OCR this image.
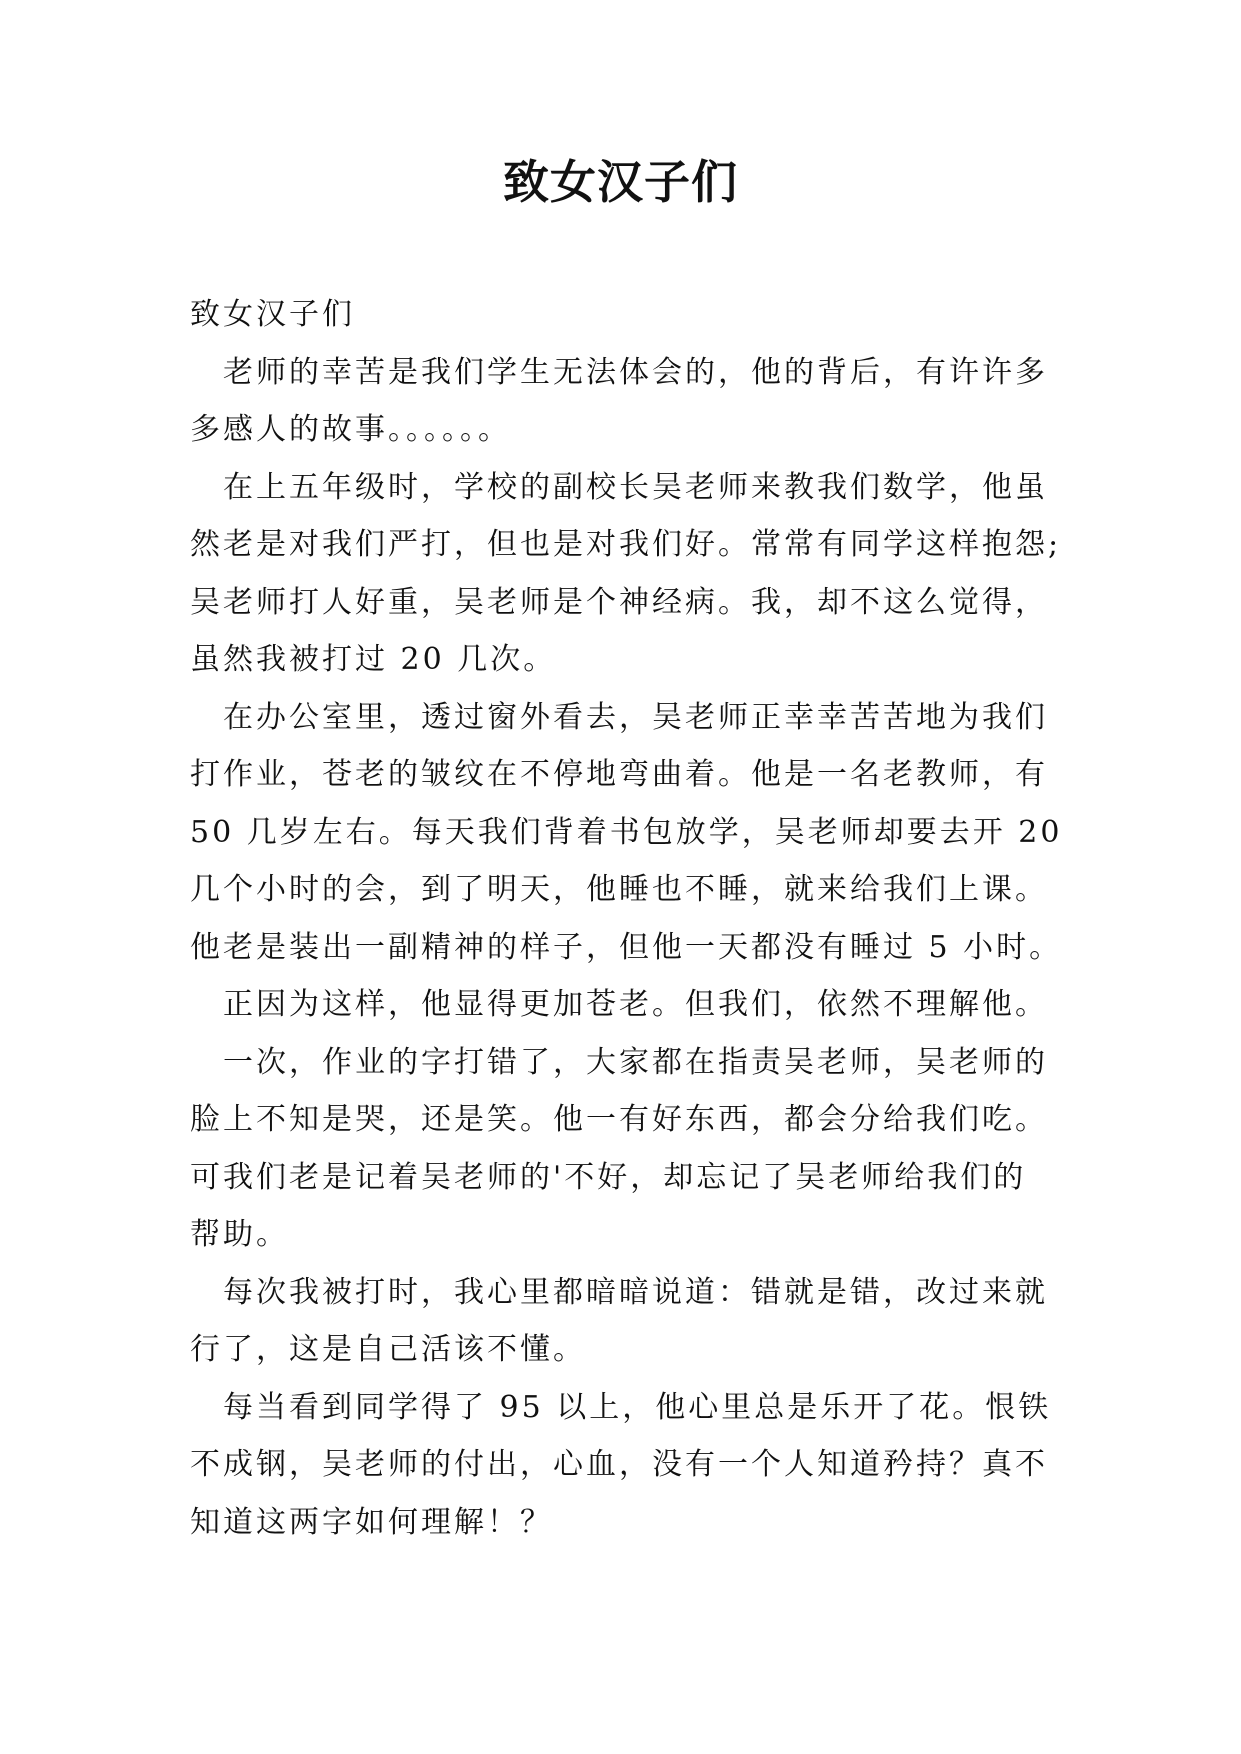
致女汉子们
致女汉子们
老师的幸苦是我们学生无法体会的，他的背后，有许许多
多感人的故事。。。。。。
在上五年级时，学校的副校长吴老师来教我们数学，他虽
然老是对我们严打，但也是对我们好。常常有同学这样抱怨;
吴老师打人好重，吴老师是个神经病。我，却不这么觉得，
虽然我被打过 20 几次。
在办公室里，透过窗外看去，吴老师正幸幸苦苦地为我们
打作业，苍老的皱纹在不停地弯曲着。他是一名老教师，有
50 几岁左右。每天我们背着书包放学，吴老师却要去开 20
几个小时的会，到了明天，他睡也不睡，就来给我们上课。
他老是装出一副精神的样子，但他一天都没有睡过 5 小时。
正因为这样，他显得更加苍老。但我们，依然不理解他。
一次，作业的字打错了，大家都在指责吴老师，吴老师的
脸上不知是哭，还是笑。他一有好东西，都会分给我们吃。
可我们老是记着吴老师的'不好，却忘记了吴老师给我们的
帮助。
每次我被打时，我心里都暗暗说道：错就是错，改过来就
行了，这是自己活该不懂。
每当看到同学得了 95 以上，他心里总是乐开了花。恨铁
不成钢，吴老师的付出，心血，没有一个人知道矜持？真不
知道这两字如何理解！？
